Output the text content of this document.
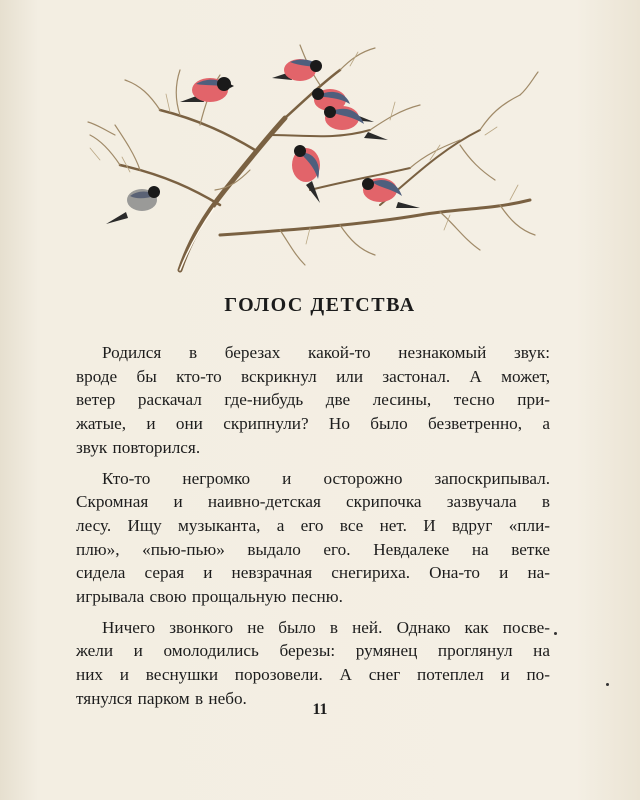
ГОЛОС ДЕТСТВА

Родился в березах какой-то незнакомый звук:
вроде бы кто-то вскрикнул или застонал. А может,
ветер раскачал где-нибудь две лесины, тесно при-
жатые, и они скрипнули? Но было безветренно, а
звук повторился.

Кто-то негромко и осторожно запоскрипывал.
Скромная и наивно-детская скрипочка зазвучала в
лесу. Ищу музыканта, а его все нет. И вдруг «пли-
плю», «пью-пью» выдало его. Невдалеке на ветке
сидела серая и невзрачная снегириха. Она-то и на-
игрывала свою прощальную песню.

Ничего звонкого не было в ней. Однако как посве-
жели и омолодились березы: румянец проглянул на
них и веснушки порозовели. А снег потеплел и по-
тянулся парком в небо.

11
